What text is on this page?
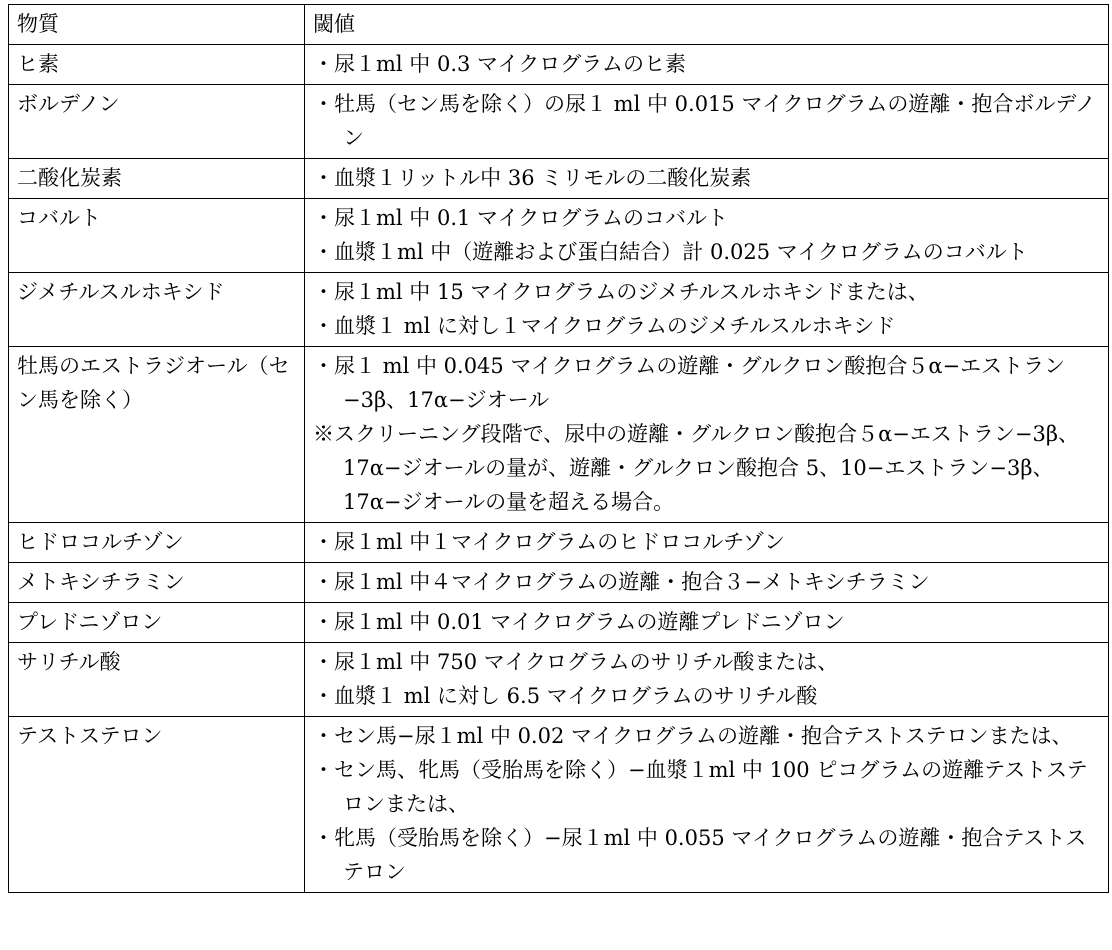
物質	閾値
ヒ素	・尿１ml 中 0.3 マイクログラムのヒ素

ボルデノン	・牡馬（セン馬を除く）の尿１ ml 中 0.015 マイクログラムの遊離・抱合ボルデノン

二酸化炭素	・血漿１リットル中 36 ミリモルの二酸化炭素

コバルト	・尿１ml 中 0.1 マイクログラムのコバルト
・血漿１ml 中（遊離および蛋白結合）計 0.025 マイクログラムのコバルト

ジメチルスルホキシド	・尿１ml 中 15 マイクログラムのジメチルスルホキシドまたは、
・血漿１ ml に対し１マイクログラムのジメチルスルホキシド

牡馬のエストラジオール（セン馬を除く）	・尿１ ml 中 0.045 マイクログラムの遊離・グルクロン酸抱合５α−エストラン−3β、17α−ジオール
※スクリーニング段階で、尿中の遊離・グルクロン酸抱合５α−エストラン−3β、17α−ジオールの量が、遊離・グルクロン酸抱合 5、10−エストラン−3β、17α−ジオールの量を超える場合。

ヒドロコルチゾン	・尿１ml 中１マイクログラムのヒドロコルチゾン

メトキシチラミン	・尿１ml 中４マイクログラムの遊離・抱合３−メトキシチラミン

プレドニゾロン	・尿１ml 中 0.01 マイクログラムの遊離プレドニゾロン

サリチル酸	・尿１ml 中 750 マイクログラムのサリチル酸または、
・血漿１ ml に対し 6.5 マイクログラムのサリチル酸

テストステロン	・セン馬−尿１ml 中 0.02 マイクログラムの遊離・抱合テストステロンまたは、
・セン馬、牝馬（受胎馬を除く）−血漿１ml 中 100 ピコグラムの遊離テストステロンまたは、
・牝馬（受胎馬を除く）−尿１ml 中 0.055 マイクログラムの遊離・抱合テストステロン
